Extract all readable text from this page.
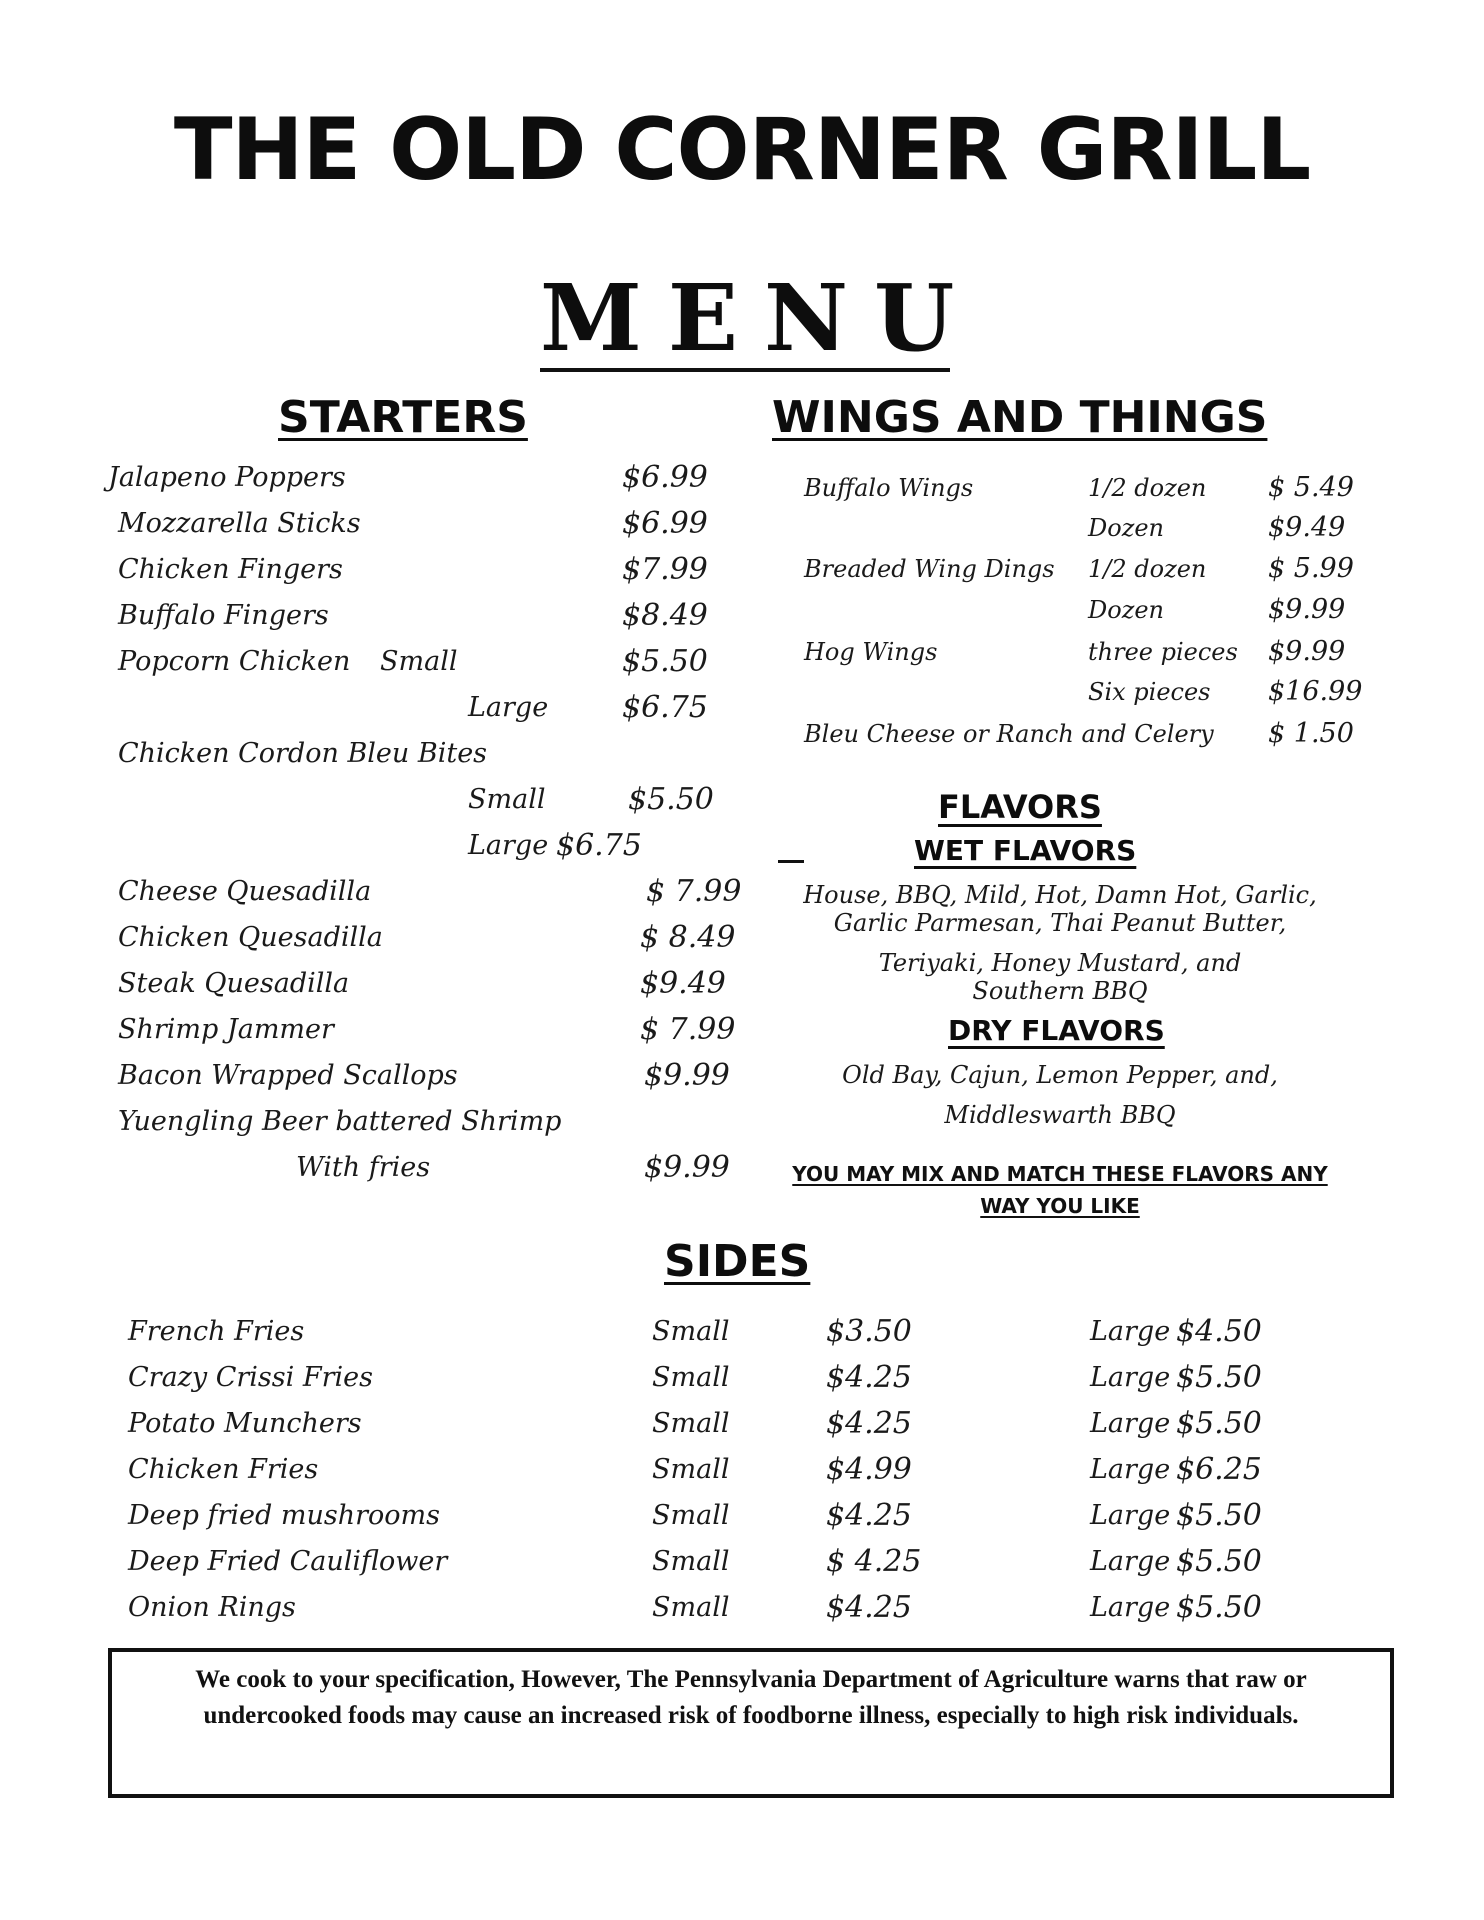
THE OLD CORNER GRILL
MENU
STARTERS
Jalapeno Poppers	$6.99
Mozzarella Sticks	$6.99
Chicken Fingers	$7.99
Buffalo Fingers	$8.49
Popcorn Chicken Small	$5.50
Large $6.75
Chicken Cordon Bleu Bites
Small	$5.50
Large $6.75
Cheese Quesadilla	$ 7.99
Chicken Quesadilla	$ 8.49
Steak Quesadilla	$9.49
Shrimp Jammer	$ 7.99
Bacon Wrapped Scallops	$9.99
Yuengling Beer battered Shrimp
With fries	$9.99
WINGS AND THINGS
Buffalo Wings	1/2 dozen $ 5.49
Dozen	$9.49
Breaded Wing Dings 1/2 dozen $ 5.99
Dozen	$9.99
Hog Wings	three pieces $9.99
Six pieces $16.99
Bleu Cheese or Ranch and Celery $ 1.50
FLAVORS
WET FLAVORS
House, BBQ, Mild, Hot, Damn Hot, Garlic,
Garlic Parmesan, Thai Peanut Butter,
Teriyaki, Honey Mustard, and
Southern BBQ
DRY FLAVORS
Old Bay, Cajun, Lemon Pepper, and,
Middleswarth BBQ
YOU MAY MIX AND MATCH THESE FLAVORS ANY
WAY YOU LIKE
SIDES
French Fries	Small	$3.50	Large $4.50
Crazy Crissi Fries	Small	$4.25	Large $5.50
Potato Munchers	Small	$4.25	Large $5.50
Chicken Fries	Small	$4.99	Large $6.25
Deep fried mushrooms	Small	$4.25	Large $5.50
Deep Fried Cauliflower	Small	$ 4.25	Large $5.50
Onion Rings	Small	$4.25	Large $5.50
We cook to your specification, However, The Pennsylvania Department of Agriculture warns that raw or undercooked foods may cause an increased risk of foodborne illness, especially to high risk individuals.
